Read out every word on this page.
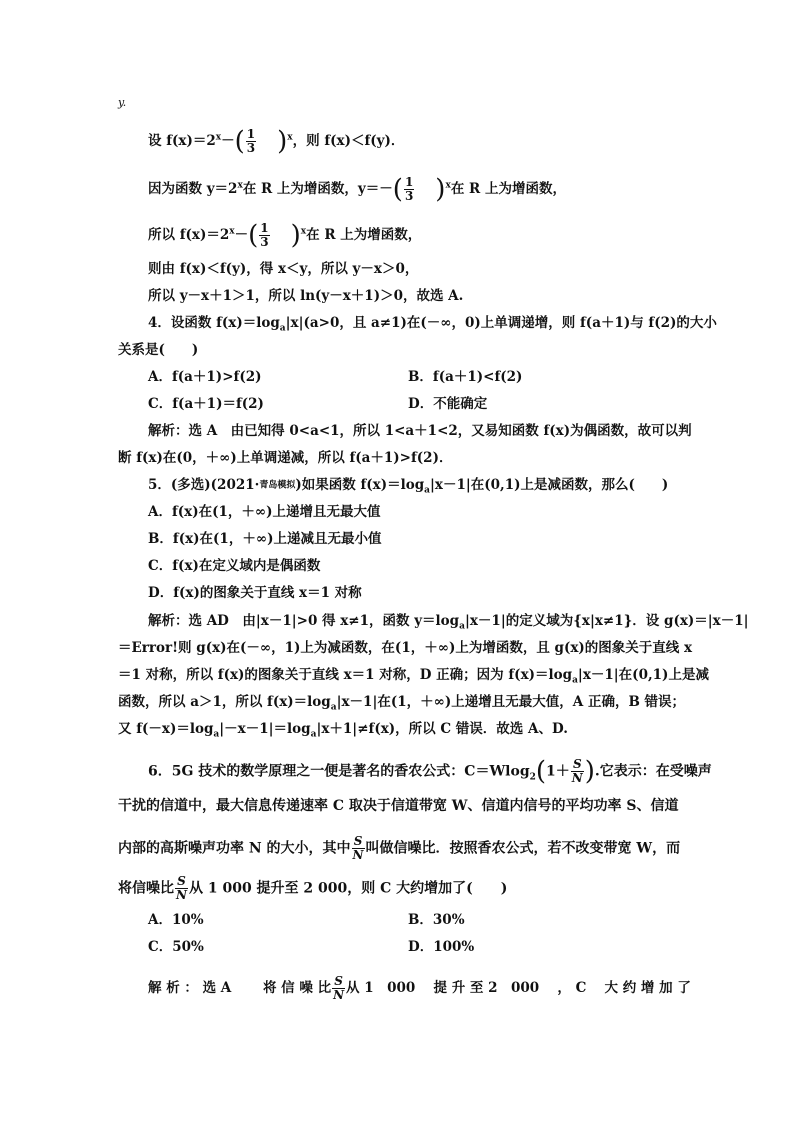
y.
设 $f(x)=2^x-( \frac{1}{3} )^x$，则 f(x)＜f(y)．
因为函数 $y=2^x$在 R 上为增函数，$y=-( \frac{1}{3} )^x$在 R 上为增函数，
所以 $f(x)=2^x-( \frac{1}{3} )^x$在 R 上为增函数，
则由 f(x)＜f(y)，得 x＜y，所以 y－x＞0，
所以 y－x＋1＞1，所以 ln(y－x＋1)＞0，故选 A.
4．设函数 $f(x)=\log_a|x|(a>0$，且 a≠1)在(－∞，0)上单调递增，则 f(a＋1)与 f(2)的大小
关系是(　　)
A．f(a＋1)>f(2)	B．f(a＋1)<f(2)
C．f(a＋1)＝f(2)	D．不能确定
解析：选 A　由已知得 0<a<1，所以 1<a＋1<2，又易知函数 f(x)为偶函数，故可以判
断 f(x)在(0，＋∞)上单调递减，所以 f(a＋1)>f(2)．
5．(多选)(2021·青岛模拟)如果函数 $f(x)=\log_a|x-1|$在(0,1)上是减函数，那么(　　)
A．f(x)在(1，＋∞)上递增且无最大值
B．f(x)在(1，＋∞)上递减且无最小值
C．f(x)在定义域内是偶函数
D．f(x)的图象关于直线 x＝1 对称
解析：选 AD　由|x－1|>0 得 x≠1，函数 $y=\log_a|x-1|$的定义域为{x|x≠1}．设 g(x)＝|x－1|
＝Error!则 g(x)在(－∞，1)上为减函数，在(1，＋∞)上为增函数，且 g(x)的图象关于直线 x
＝1 对称，所以 f(x)的图象关于直线 x＝1 对称，D 正确；因为 $f(x)=\log_a|x-1|$在(0,1)上是减
函数，所以 a＞1，所以 $f(x)=\log_a|x-1|$在(1，＋∞)上递增且无最大值，A 正确，B 错误；
又 $f(-x)=\log_a|-x-1|=\log_a|x+1|\ne f(x)$，所以 C 错误．故选 A、D.
6．5G 技术的数学原理之一便是著名的香农公式：$C=Wlog_2(1+ \frac{S}{N}$ ).它表示：在受噪声
干扰的信道中，最大信息传递速率 C 取决于信道带宽 W、信道内信号的平均功率 S、信道
内部的高斯噪声功率 N 的大小，其中 $\frac{S}{N}$ 叫做信噪比．按照香农公式，若不改变带宽 W，而
将信噪比 $\frac{S}{N}$ 从 1 000 提升至 2 000，则 C 大约增加了(　　)
A．10%	B．30%
C．50%	D．100%
解 析 ： 选 A　　 将 信 噪 比 $\frac{S}{N}$ 从 1　000　 提 升 至 2　000　 ， C　 大 约 增 加 了
